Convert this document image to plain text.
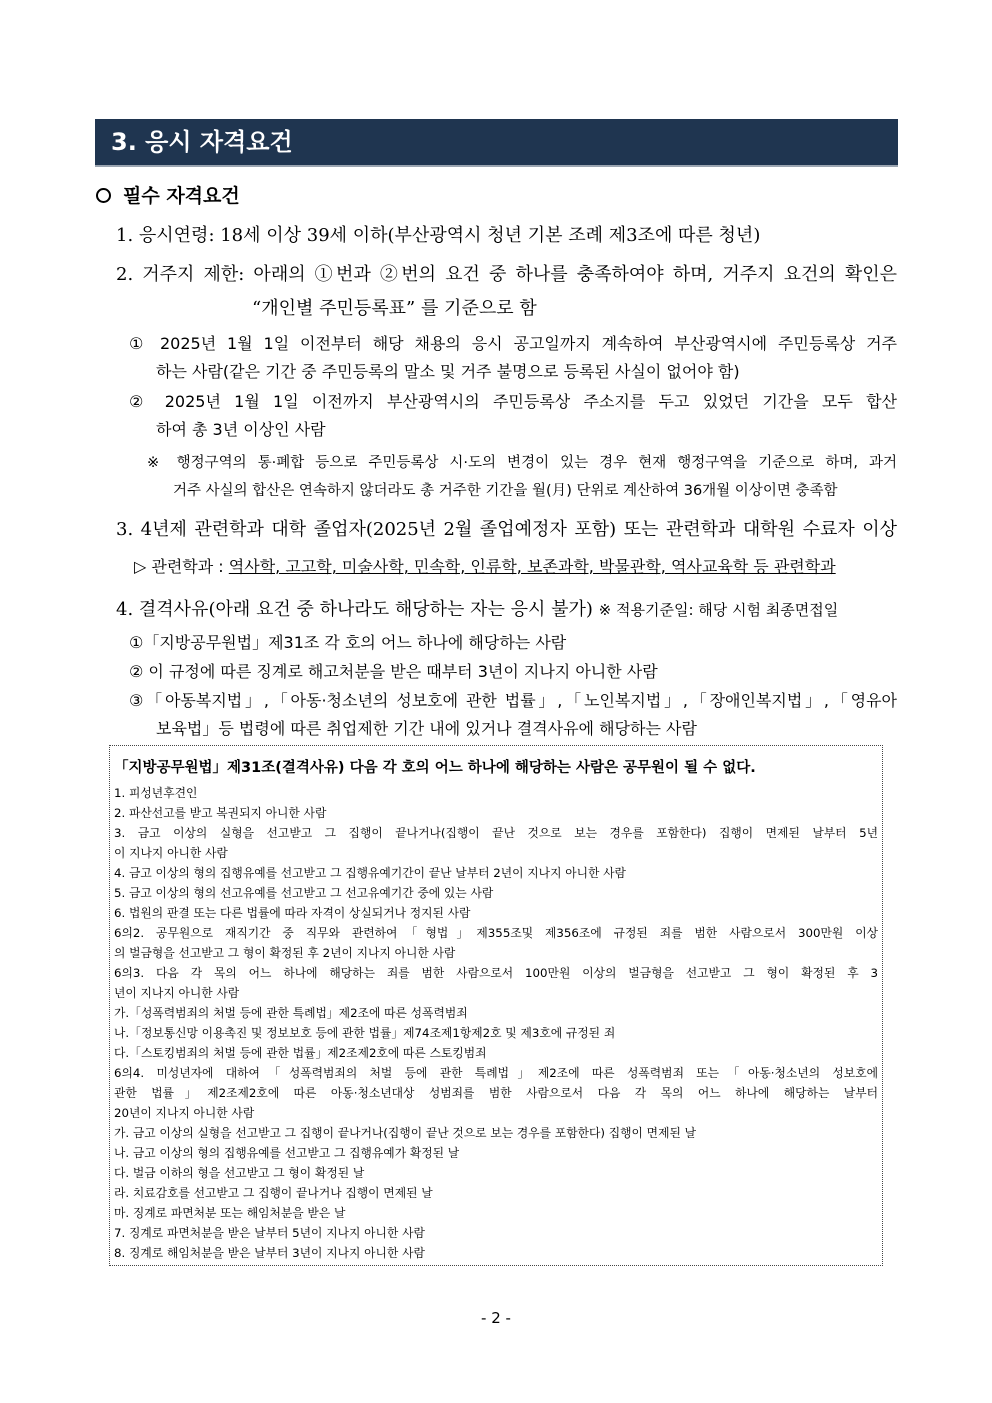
3. 응시 자격요건
필수 자격요건
1. 응시연령: 18세 이상 39세 이하(부산광역시 청년 기본 조례 제3조에 따른 청년)
2. 거주지 제한: 아래의 ①번과 ②번의 요건 중 하나를 충족하여야 하며, 거주지 요건의 확인은
“개인별 주민등록표” 를 기준으로 함
① 2025년 1월 1일 이전부터 해당 채용의 응시 공고일까지 계속하여 부산광역시에 주민등록상 거주
하는 사람(같은 기간 중 주민등록의 말소 및 거주 불명으로 등록된 사실이 없어야 함)
② 2025년 1월 1일 이전까지 부산광역시의 주민등록상 주소지를 두고 있었던 기간을 모두 합산
하여 총 3년 이상인 사람
※ 행정구역의 통·폐합 등으로 주민등록상 시·도의 변경이 있는 경우 현재 행정구역을 기준으로 하며, 과거
거주 사실의 합산은 연속하지 않더라도 총 거주한 기간을 월(月) 단위로 계산하여 36개월 이상이면 충족함
3. 4년제 관련학과 대학 졸업자(2025년 2월 졸업예정자 포함) 또는 관련학과 대학원 수료자 이상
▷ 관련학과 : 역사학, 고고학, 미술사학, 민속학, 인류학, 보존과학, 박물관학, 역사교육학 등 관련학과
4. 결격사유(아래 요건 중 하나라도 해당하는 자는 응시 불가) ※ 적용기준일: 해당 시험 최종면접일
①「지방공무원법」제31조 각 호의 어느 하나에 해당하는 사람
② 이 규정에 따른 징계로 해고처분을 받은 때부터 3년이 지나지 아니한 사람
③「아동복지법」,「아동·청소년의 성보호에 관한 법률」,「노인복지법」,「장애인복지법」,「영유아
보육법」등 법령에 따른 취업제한 기간 내에 있거나 결격사유에 해당하는 사람
「지방공무원법」제31조(결격사유) 다음 각 호의 어느 하나에 해당하는 사람은 공무원이 될 수 없다.
1. 피성년후견인
2. 파산선고를 받고 복권되지 아니한 사람
3. 금고 이상의 실형을 선고받고 그 집행이 끝나거나(집행이 끝난 것으로 보는 경우를 포함한다) 집행이 면제된 날부터 5년
이 지나지 아니한 사람
4. 금고 이상의 형의 집행유예를 선고받고 그 집행유예기간이 끝난 날부터 2년이 지나지 아니한 사람
5. 금고 이상의 형의 선고유예를 선고받고 그 선고유예기간 중에 있는 사람
6. 법원의 판결 또는 다른 법률에 따라 자격이 상실되거나 정지된 사람
6의2. 공무원으로 재직기간 중 직무와 관련하여「형법」제355조및 제356조에 규정된 죄를 범한 사람으로서 300만원 이상
의 벌금형을 선고받고 그 형이 확정된 후 2년이 지나지 아니한 사람
6의3. 다음 각 목의 어느 하나에 해당하는 죄를 범한 사람으로서 100만원 이상의 벌금형을 선고받고 그 형이 확정된 후 3
년이 지나지 아니한 사람
가.「성폭력범죄의 처벌 등에 관한 특례법」제2조에 따른 성폭력범죄
나.「정보통신망 이용촉진 및 정보보호 등에 관한 법률」제74조제1항제2호 및 제3호에 규정된 죄
다.「스토킹범죄의 처벌 등에 관한 법률」제2조제2호에 따른 스토킹범죄
6의4. 미성년자에 대하여「성폭력범죄의 처벌 등에 관한 특례법」제2조에 따른 성폭력범죄 또는「아동·청소년의 성보호에
관한 법률」제2조제2호에 따른 아동·청소년대상 성범죄를 범한 사람으로서 다음 각 목의 어느 하나에 해당하는 날부터
20년이 지나지 아니한 사람
가. 금고 이상의 실형을 선고받고 그 집행이 끝나거나(집행이 끝난 것으로 보는 경우를 포함한다) 집행이 면제된 날
나. 금고 이상의 형의 집행유예를 선고받고 그 집행유예가 확정된 날
다. 벌금 이하의 형을 선고받고 그 형이 확정된 날
라. 치료감호를 선고받고 그 집행이 끝나거나 집행이 면제된 날
마. 징계로 파면처분 또는 해임처분을 받은 날
7. 징계로 파면처분을 받은 날부터 5년이 지나지 아니한 사람
8. 징계로 해임처분을 받은 날부터 3년이 지나지 아니한 사람
- 2 -
